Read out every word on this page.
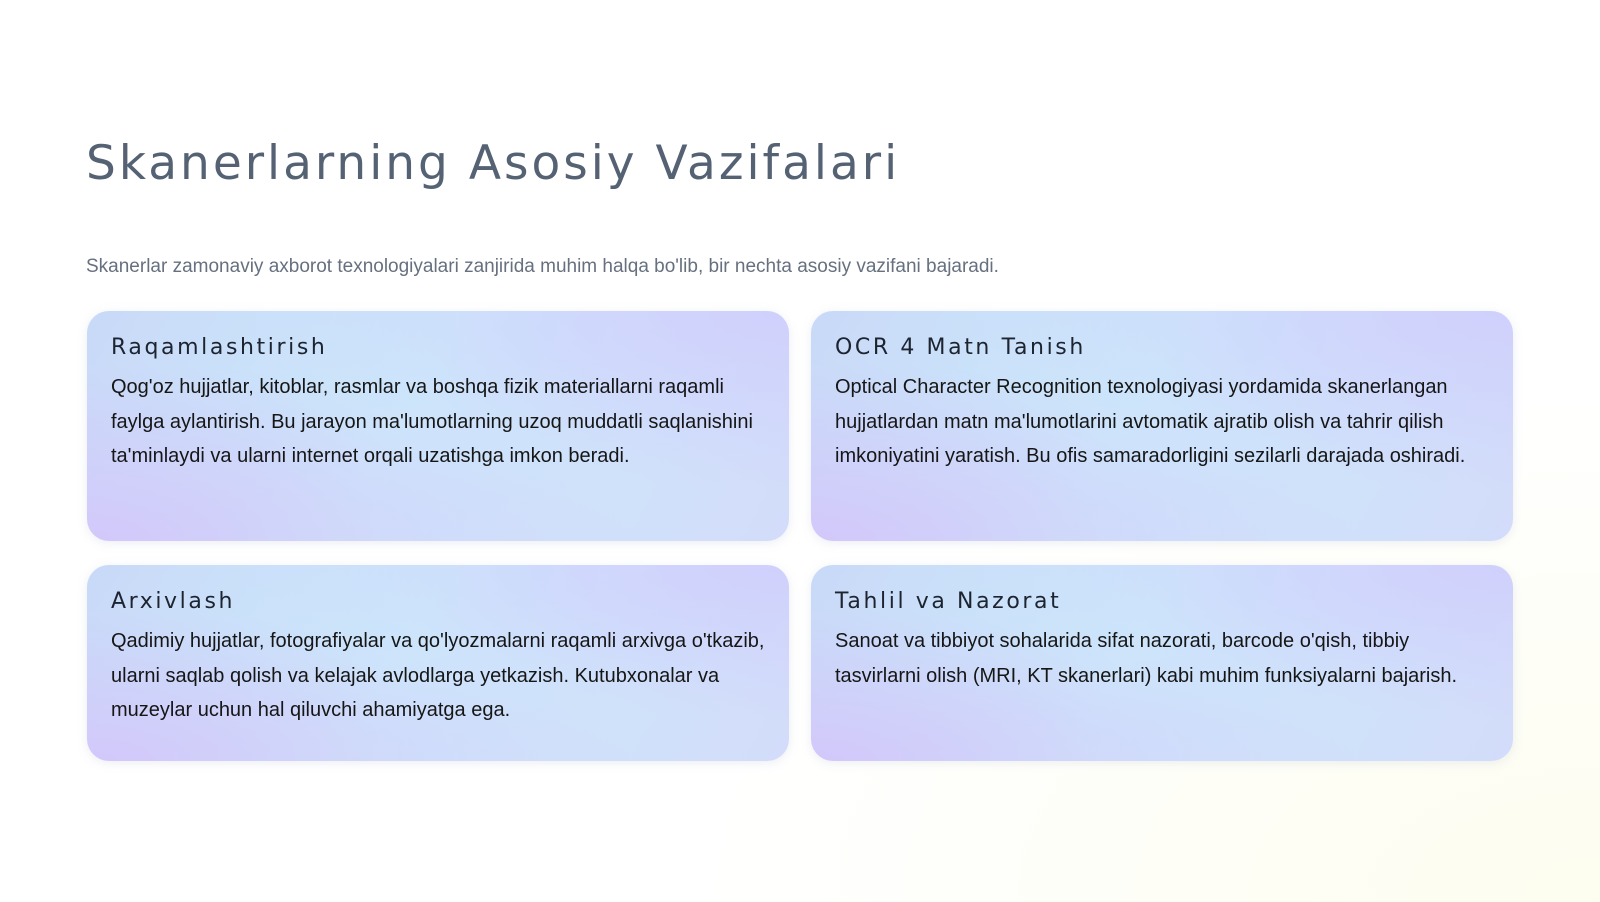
Skanerlarning Asosiy Vazifalari

Skanerlar zamonaviy axborot texnologiyalari zanjirida muhim halqa bo'lib, bir nechta asosiy vazifani bajaradi.

Raqamlashtirish

Qog'oz hujjatlar, kitoblar, rasmlar va boshqa fizik materiallarni raqamli faylga aylantirish. Bu jarayon ma'lumotlarning uzoq muddatli saqlanishini ta'minlaydi va ularni internet orqali uzatishga imkon beradi.

OCR 4 Matn Tanish

Optical Character Recognition texnologiyasi yordamida skanerlangan hujjatlardan matn ma'lumotlarini avtomatik ajratib olish va tahrir qilish imkoniyatini yaratish. Bu ofis samaradorligini sezilarli darajada oshiradi.

Arxivlash

Qadimiy hujjatlar, fotografiyalar va qo'lyozmalarni raqamli arxivga o'tkazib, ularni saqlab qolish va kelajak avlodlarga yetkazish. Kutubxonalar va muzeylar uchun hal qiluvchi ahamiyatga ega.

Tahlil va Nazorat

Sanoat va tibbiyot sohalarida sifat nazorati, barcode o'qish, tibbiy tasvirlarni olish (MRI, KT skanerlari) kabi muhim funksiyalarni bajarish.
